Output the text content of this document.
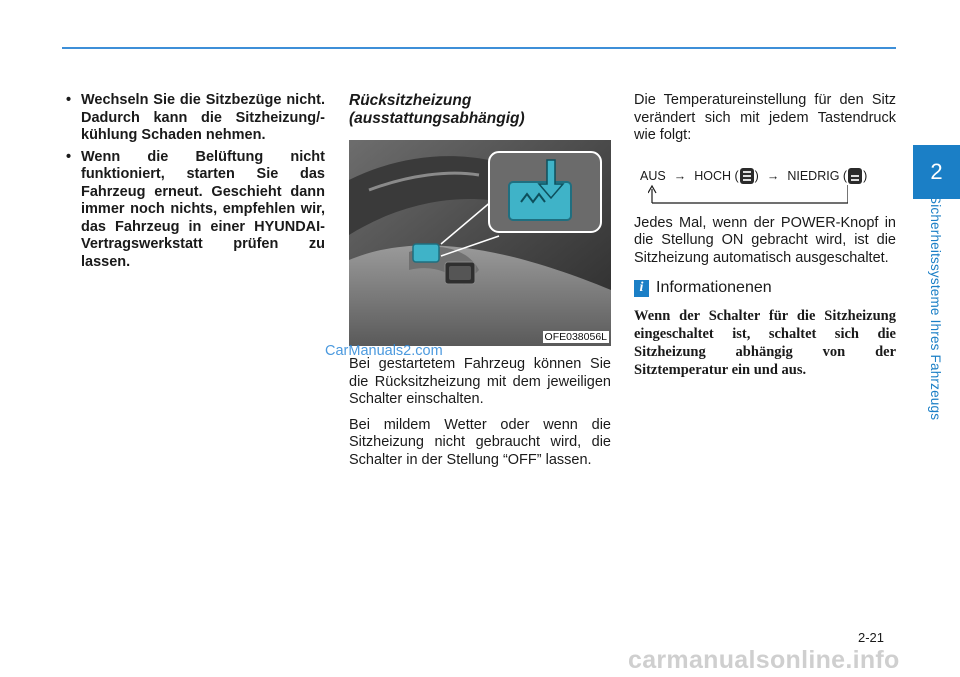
2
Sicherheitssysteme Ihres Fahrzeugs
• Wechseln Sie die Sitzbezüge nicht. Dadurch kann die Sitzheizung/-kühlung Schaden nehmen.
• Wenn die Belüftung nicht funktioniert, starten Sie das Fahrzeug erneut. Geschieht dann immer noch nichts, empfehlen wir, das Fahrzeug in einer HYUNDAI-Vertragswerkstatt prüfen zu lassen.

Rücksitzheizung
(ausstattungsabhängig)

OFE038056L

Bei gestartetem Fahrzeug können Sie die Rücksitzheizung mit dem jeweiligen Schalter einschalten.

Bei mildem Wetter oder wenn die Sitzheizung nicht gebraucht wird, die Schalter in der Stellung “OFF” lassen.

CarManuals2.com

Die Temperatureinstellung für den Sitz verändert sich mit jedem Tastendruck wie folgt:

AUS → HOCH ( ) → NIEDRIG ( )

Jedes Mal, wenn der POWER-Knopf in die Stellung ON gebracht wird, ist die Sitzheizung automatisch ausgeschaltet.

i Informationenen
Wenn der Schalter für die Sitzheizung eingeschaltet ist, schaltet sich die Sitzheizung abhängig von der Sitztemperatur ein und aus.
2-21
carmanualsonline.info
